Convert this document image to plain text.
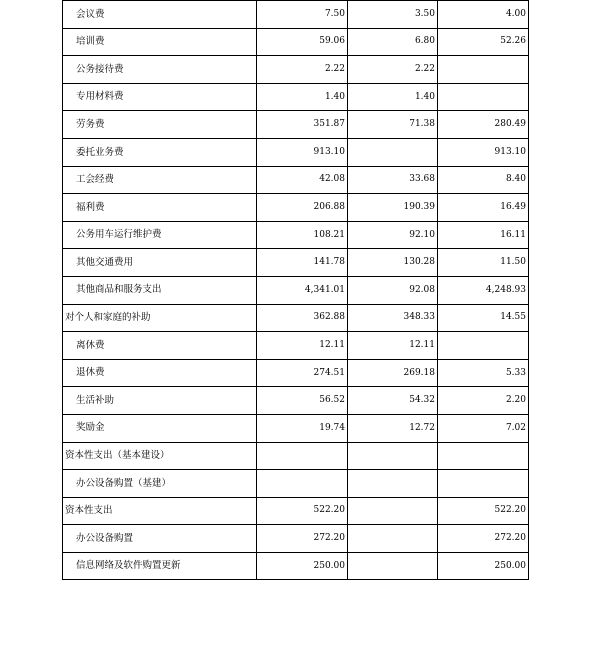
会议费	7.50	3.50	4.00
培训费	59.06	6.80	52.26
公务接待费	2.22	2.22	
专用材料费	1.40	1.40	
劳务费	351.87	71.38	280.49
委托业务费	913.10		913.10
工会经费	42.08	33.68	8.40
福利费	206.88	190.39	16.49
公务用车运行维护费	108.21	92.10	16.11
其他交通费用	141.78	130.28	11.50
其他商品和服务支出	4,341.01	92.08	4,248.93
对个人和家庭的补助	362.88	348.33	14.55
离休费	12.11	12.11	
退休费	274.51	269.18	5.33
生活补助	56.52	54.32	2.20
奖励金	19.74	12.72	7.02
资本性支出（基本建设）			
办公设备购置（基建）			
资本性支出	522.20		522.20
办公设备购置	272.20		272.20
信息网络及软件购置更新	250.00		250.00
